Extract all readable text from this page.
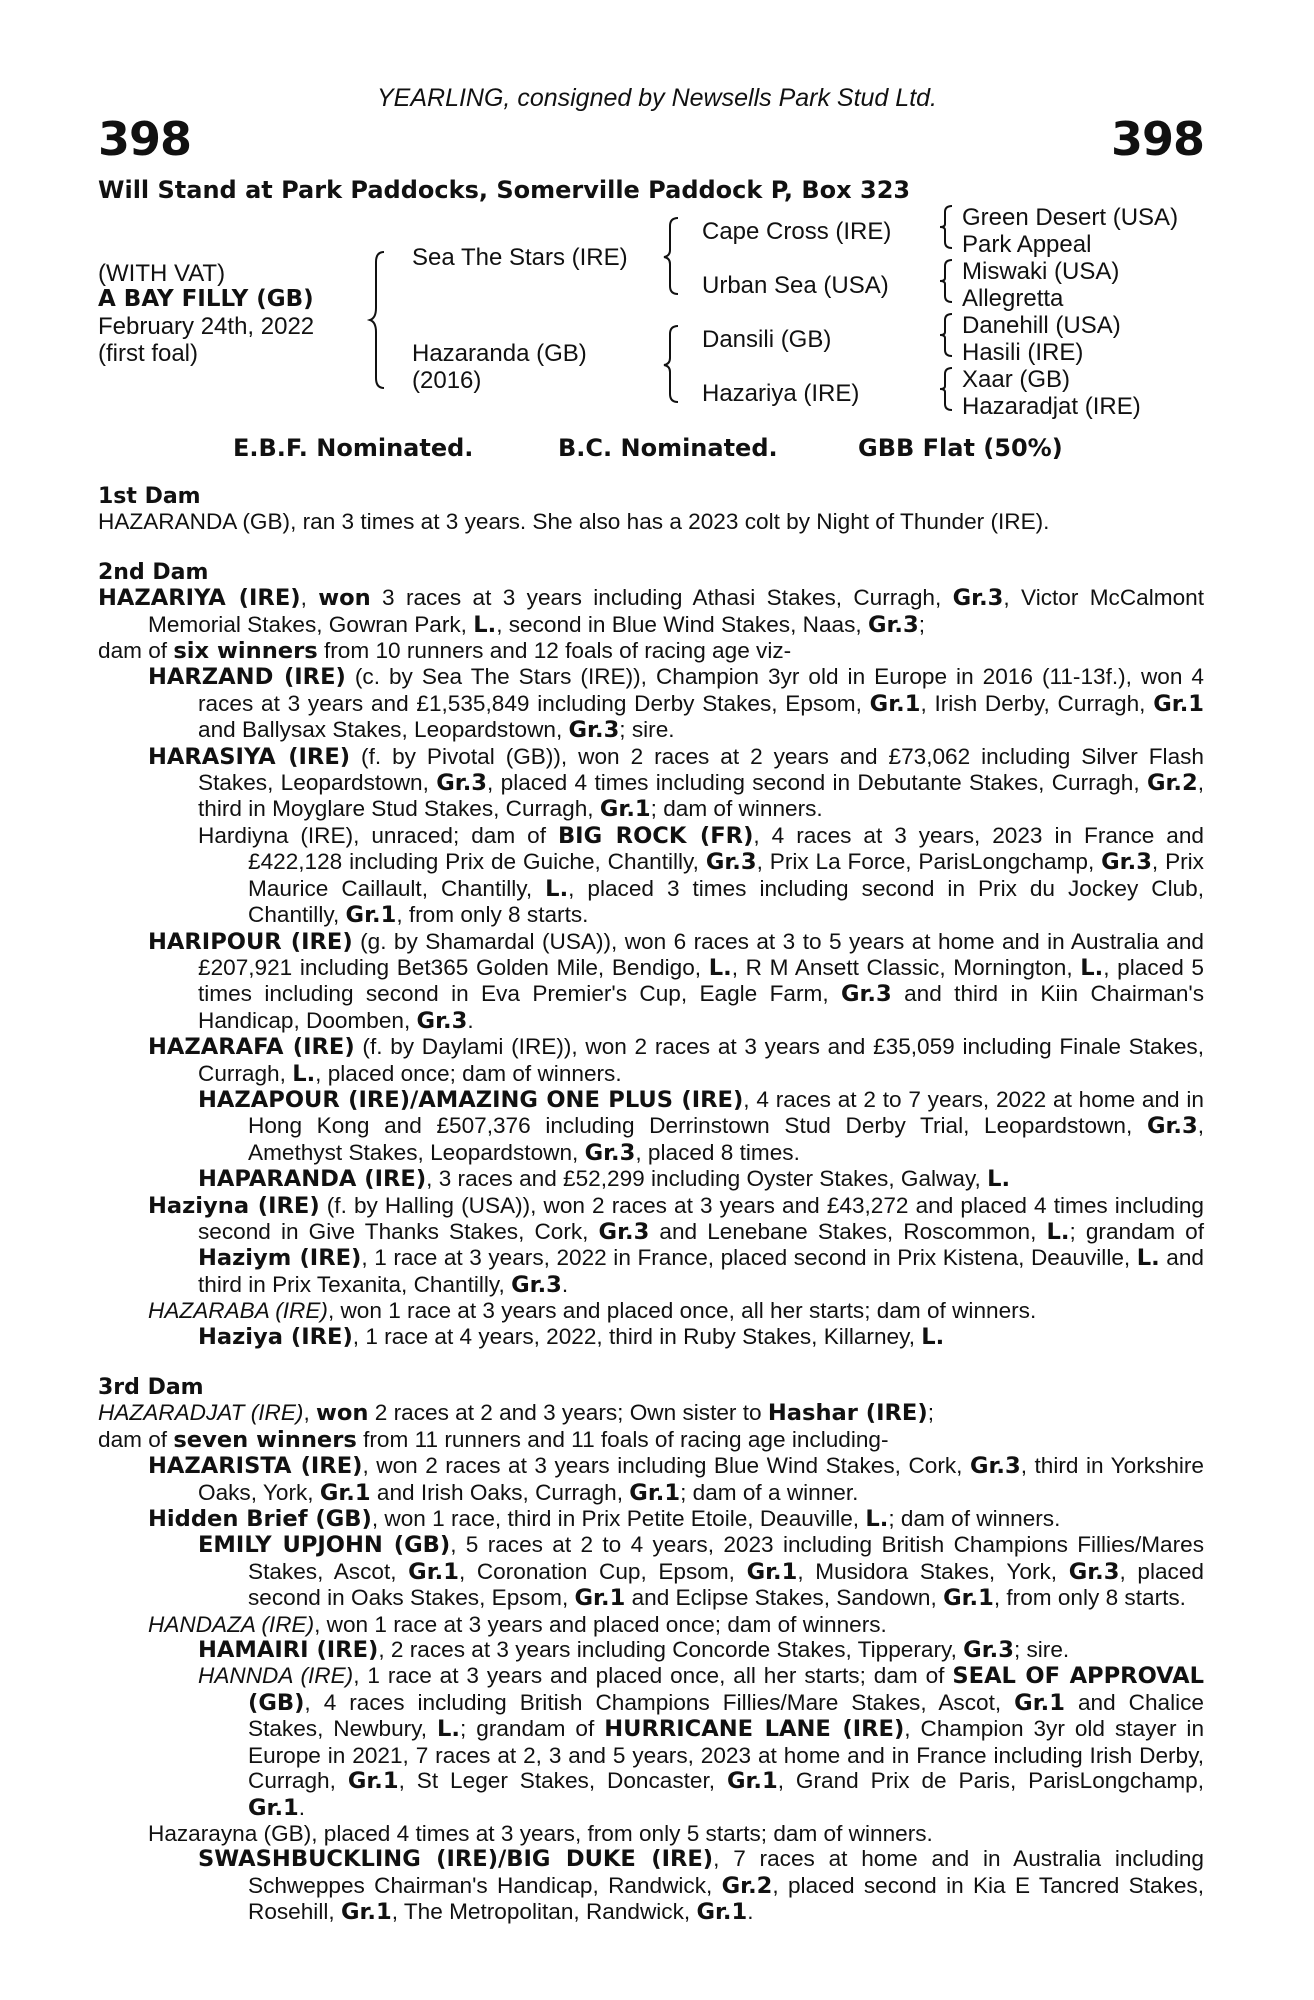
YEARLING, consigned by Newsells Park Stud Ltd.
398	398
Will Stand at Park Paddocks, Somerville Paddock P, Box 323
(WITH VAT)
A BAY FILLY (GB)
February 24th, 2022
(first foal)
Sea The Stars (IRE)
Hazaranda (GB)
(2016)
Cape Cross (IRE)
Urban Sea (USA)
Dansili (GB)
Hazariya (IRE)
Green Desert (USA)
Park Appeal
Miswaki (USA)
Allegretta
Danehill (USA)
Hasili (IRE)
Xaar (GB)
Hazaradjat (IRE)
E.B.F. Nominated.	B.C. Nominated.	GBB Flat (50%)
1st Dam
HAZARANDA (GB), ran 3 times at 3 years. She also has a 2023 colt by Night of Thunder (IRE).
2nd Dam
HAZARIYA (IRE), won 3 races at 3 years including Athasi Stakes, Curragh, Gr.3, Victor McCalmont Memorial Stakes, Gowran Park, L., second in Blue Wind Stakes, Naas, Gr.3;
dam of six winners from 10 runners and 12 foals of racing age viz-
HARZAND (IRE) (c. by Sea The Stars (IRE)), Champion 3yr old in Europe in 2016 (11-13f.), won 4 races at 3 years and £1,535,849 including Derby Stakes, Epsom, Gr.1, Irish Derby, Curragh, Gr.1 and Ballysax Stakes, Leopardstown, Gr.3; sire.
HARASIYA (IRE) (f. by Pivotal (GB)), won 2 races at 2 years and £73,062 including Silver Flash Stakes, Leopardstown, Gr.3, placed 4 times including second in Debutante Stakes, Curragh, Gr.2, third in Moyglare Stud Stakes, Curragh, Gr.1; dam of winners.
Hardiyna (IRE), unraced; dam of BIG ROCK (FR), 4 races at 3 years, 2023 in France and £422,128 including Prix de Guiche, Chantilly, Gr.3, Prix La Force, ParisLongchamp, Gr.3, Prix Maurice Caillault, Chantilly, L., placed 3 times including second in Prix du Jockey Club, Chantilly, Gr.1, from only 8 starts.
HARIPOUR (IRE) (g. by Shamardal (USA)), won 6 races at 3 to 5 years at home and in Australia and £207,921 including Bet365 Golden Mile, Bendigo, L., R M Ansett Classic, Mornington, L., placed 5 times including second in Eva Premier's Cup, Eagle Farm, Gr.3 and third in Kiin Chairman's Handicap, Doomben, Gr.3.
HAZARAFA (IRE) (f. by Daylami (IRE)), won 2 races at 3 years and £35,059 including Finale Stakes, Curragh, L., placed once; dam of winners.
HAZAPOUR (IRE)/AMAZING ONE PLUS (IRE), 4 races at 2 to 7 years, 2022 at home and in Hong Kong and £507,376 including Derrinstown Stud Derby Trial, Leopardstown, Gr.3, Amethyst Stakes, Leopardstown, Gr.3, placed 8 times.
HAPARANDA (IRE), 3 races and £52,299 including Oyster Stakes, Galway, L.
Haziyna (IRE) (f. by Halling (USA)), won 2 races at 3 years and £43,272 and placed 4 times including second in Give Thanks Stakes, Cork, Gr.3 and Lenebane Stakes, Roscommon, L.; grandam of Haziym (IRE), 1 race at 3 years, 2022 in France, placed second in Prix Kistena, Deauville, L. and third in Prix Texanita, Chantilly, Gr.3.
HAZARABA (IRE), won 1 race at 3 years and placed once, all her starts; dam of winners.
Haziya (IRE), 1 race at 4 years, 2022, third in Ruby Stakes, Killarney, L.
3rd Dam
HAZARADJAT (IRE), won 2 races at 2 and 3 years; Own sister to Hashar (IRE);
dam of seven winners from 11 runners and 11 foals of racing age including-
HAZARISTA (IRE), won 2 races at 3 years including Blue Wind Stakes, Cork, Gr.3, third in Yorkshire Oaks, York, Gr.1 and Irish Oaks, Curragh, Gr.1; dam of a winner.
Hidden Brief (GB), won 1 race, third in Prix Petite Etoile, Deauville, L.; dam of winners.
EMILY UPJOHN (GB), 5 races at 2 to 4 years, 2023 including British Champions Fillies/Mares Stakes, Ascot, Gr.1, Coronation Cup, Epsom, Gr.1, Musidora Stakes, York, Gr.3, placed second in Oaks Stakes, Epsom, Gr.1 and Eclipse Stakes, Sandown, Gr.1, from only 8 starts.
HANDAZA (IRE), won 1 race at 3 years and placed once; dam of winners.
HAMAIRI (IRE), 2 races at 3 years including Concorde Stakes, Tipperary, Gr.3; sire.
HANNDA (IRE), 1 race at 3 years and placed once, all her starts; dam of SEAL OF APPROVAL (GB), 4 races including British Champions Fillies/Mare Stakes, Ascot, Gr.1 and Chalice Stakes, Newbury, L.; grandam of HURRICANE LANE (IRE), Champion 3yr old stayer in Europe in 2021, 7 races at 2, 3 and 5 years, 2023 at home and in France including Irish Derby, Curragh, Gr.1, St Leger Stakes, Doncaster, Gr.1, Grand Prix de Paris, ParisLongchamp, Gr.1.
Hazarayna (GB), placed 4 times at 3 years, from only 5 starts; dam of winners.
SWASHBUCKLING (IRE)/BIG DUKE (IRE), 7 races at home and in Australia including Schweppes Chairman's Handicap, Randwick, Gr.2, placed second in Kia E Tancred Stakes, Rosehill, Gr.1, The Metropolitan, Randwick, Gr.1.
